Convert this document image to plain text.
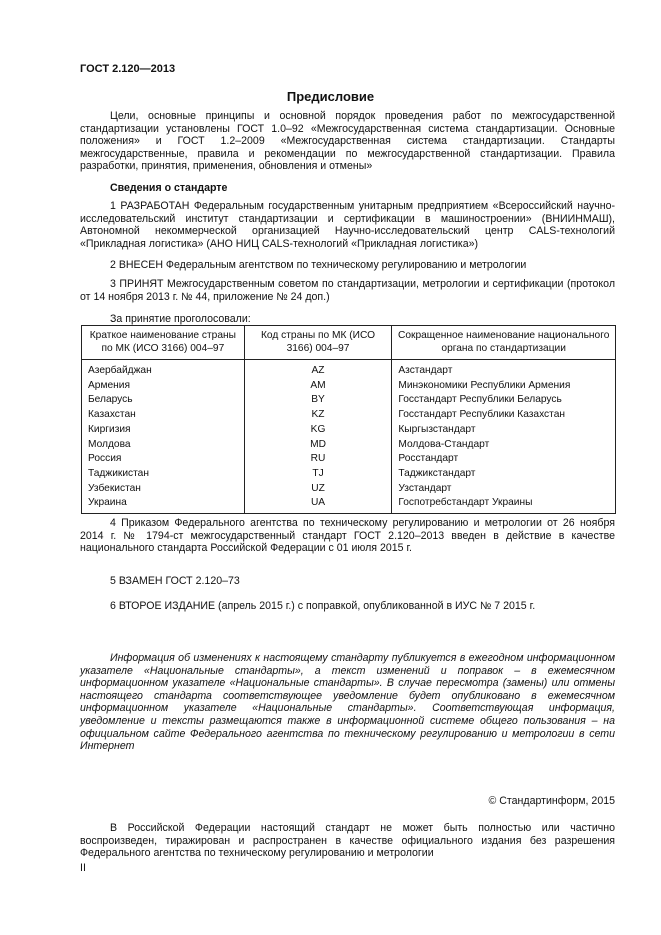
ГОСТ 2.120—2013
Предисловие

Цели, основные принципы и основной порядок проведения работ по межгосударственной стандартизации установлены ГОСТ 1.0–92 «Межгосударственная система стандартизации. Основные положения» и ГОСТ 1.2–2009 «Межгосударственная система стандартизации. Стандарты межгосударственные, правила и рекомендации по межгосударственной стандартизации. Правила разработки, принятия, применения, обновления и отмены»

Сведения о стандарте

1 РАЗРАБОТАН Федеральным государственным унитарным предприятием «Всероссийский научно-исследовательский институт стандартизации и сертификации в машиностроении» (ВНИИНМАШ), Автономной некоммерческой организацией Научно-исследовательский центр CALS-технологий «Прикладная логистика» (АНО НИЦ CALS-технологий «Прикладная логистика»)

2 ВНЕСЕН Федеральным агентством по техническому регулированию и метрологии

3 ПРИНЯТ Межгосударственным советом по стандартизации, метрологии и сертификации (протокол от 14 ноября 2013 г. № 44, приложение № 24 доп.)

За принятие проголосовали:
Краткое наименование страны по МК (ИСО 3166) 004–97	Код страны по МК (ИСО 3166) 004–97	Сокращенное наименование национального органа по стандартизации
Азербайджан	AZ	Азстандарт
Армения	AM	Минэкономики Республики Армения
Беларусь	BY	Госстандарт Республики Беларусь
Казахстан	KZ	Госстандарт Республики Казахстан
Киргизия	KG	Кыргызстандарт
Молдова	MD	Молдова-Стандарт
Россия	RU	Росстандарт
Таджикистан	TJ	Таджикстандарт
Узбекистан	UZ	Узстандарт
Украина	UA	Госпотребстандарт Украины

4 Приказом Федерального агентства по техническому регулированию и метрологии от 26 ноября 2014 г. № 1794-ст межгосударственный стандарт ГОСТ 2.120–2013 введен в действие в качестве национального стандарта Российской Федерации с 01 июля 2015 г.

5 ВЗАМЕН ГОСТ 2.120–73

6 ВТОРОЕ ИЗДАНИЕ (апрель 2015 г.) с поправкой, опубликованной в ИУС № 7 2015 г.

Информация об изменениях к настоящему стандарту публикуется в ежегодном информационном указателе «Национальные стандарты», а текст изменений и поправок – в ежемесячном информационном указателе «Национальные стандарты». В случае пересмотра (замены) или отмены настоящего стандарта соответствующее уведомление будет опубликовано в ежемесячном информационном указателе «Национальные стандарты». Соответствующая информация, уведомление и тексты размещаются также в информационной системе общего пользования – на официальном сайте Федерального агентства по техническому регулированию и метрологии в сети Интернет

© Стандартинформ, 2015

В Российской Федерации настоящий стандарт не может быть полностью или частично воспроизведен, тиражирован и распространен в качестве официального издания без разрешения Федерального агентства по техническому регулированию и метрологии

II
